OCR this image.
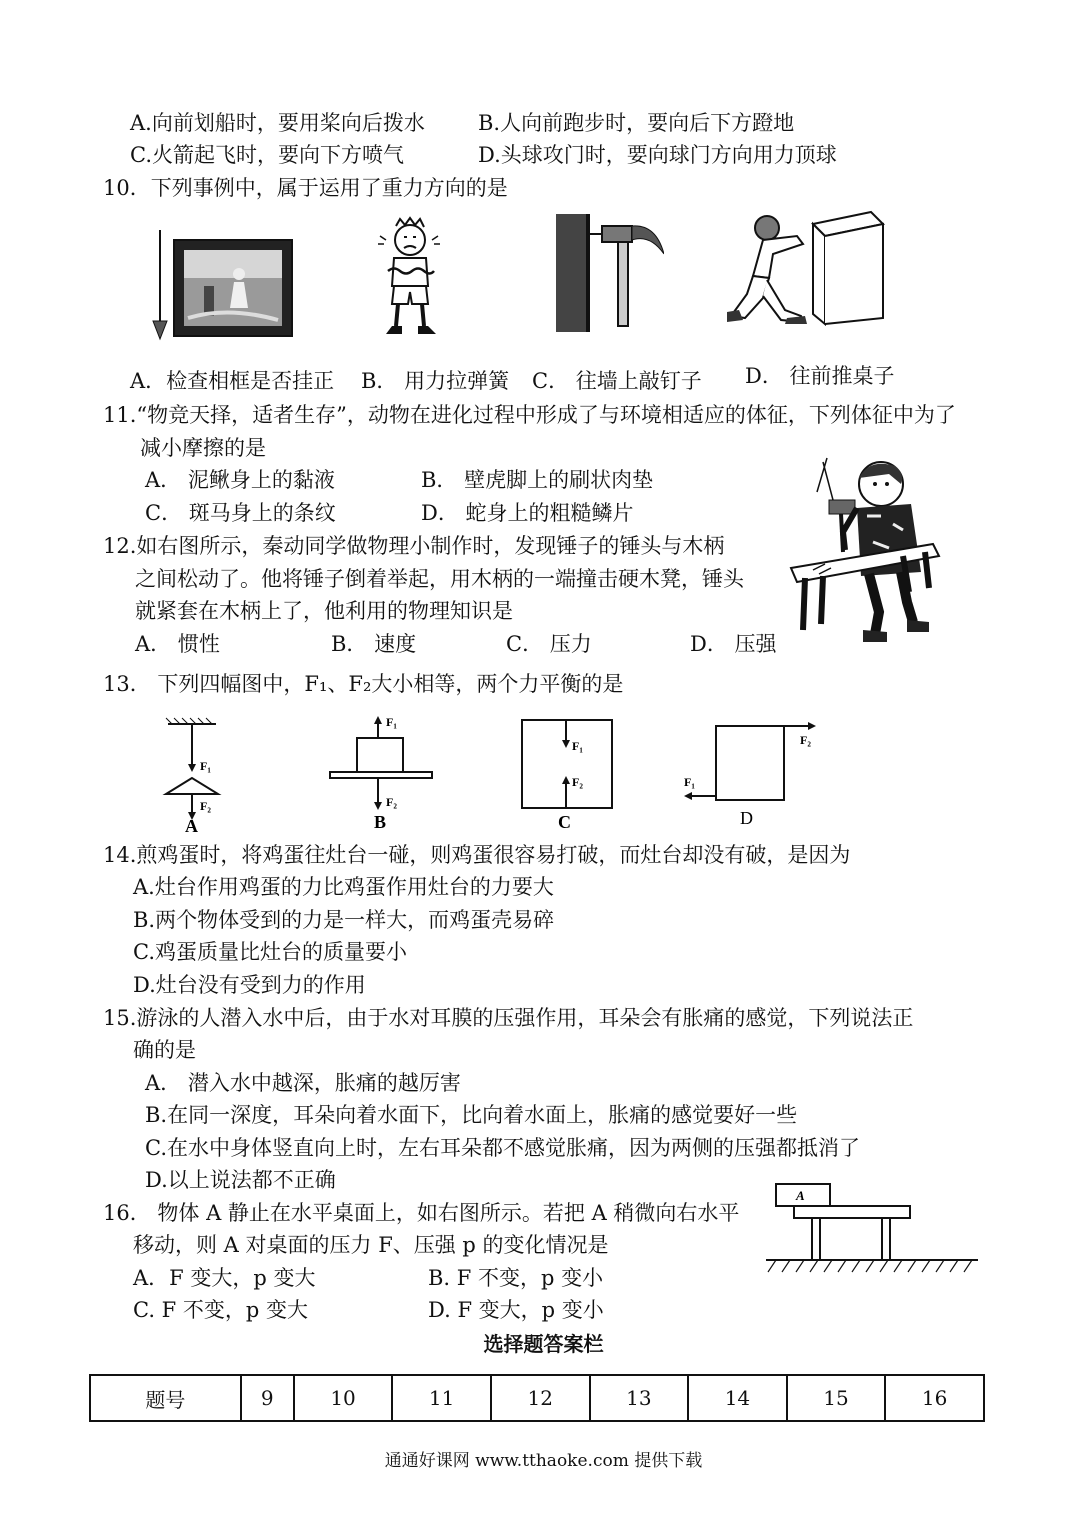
A.向前划船时，要用桨向后拨水	B.人向前跑步时，要向后下方蹬地
C.火箭起飞时，要向下方喷气	D.头球攻门时，要向球门方向用力顶球
10．下列事例中，属于运用了重力方向的是
A．检查相框是否挂正 B． 用力拉弹簧 C． 往墙上敲钉子 D． 往前推桌子
11.“物竞天择，适者生存”，动物在进化过程中形成了与环境相适应的体征，下列体征中为了
减小摩擦的是
A． 泥鳅身上的黏液	B． 壁虎脚上的刷状肉垫
C． 斑马身上的条纹	D． 蛇身上的粗糙鳞片
12.如右图所示，秦动同学做物理小制作时，发现锤子的锤头与木柄
之间松动了。他将锤子倒着举起，用木柄的一端撞击硬木凳，锤头
就紧套在木柄上了，他利用的物理知识是
A． 惯性	B． 速度	C． 压力	D． 压强
13． 下列四幅图中，F₁、F₂大小相等，两个力平衡的是
F₁
F₂
A
F₁
F₂
B
F₁
F₂
C
F₂
F₁
D
14.煎鸡蛋时，将鸡蛋往灶台一碰，则鸡蛋很容易打破，而灶台却没有破，是因为
A.灶台作用鸡蛋的力比鸡蛋作用灶台的力要大
B.两个物体受到的力是一样大，而鸡蛋壳易碎
C.鸡蛋质量比灶台的质量要小
D.灶台没有受到力的作用
15.游泳的人潜入水中后，由于水对耳膜的压强作用，耳朵会有胀痛的感觉，下列说法正
确的是
A． 潜入水中越深，胀痛的越厉害
B.在同一深度，耳朵向着水面下，比向着水面上，胀痛的感觉要好一些
C.在水中身体竖直向上时，左右耳朵都不感觉胀痛，因为两侧的压强都抵消了
D.以上说法都不正确
16． 物体 A 静止在水平桌面上，如右图所示。若把 A 稍微向右水平
移动，则 A 对桌面的压力 F、压强 p 的变化情况是
A．F 变大，p 变大	B. F 不变，p 变小
C. F 不变，p 变大	D. F 变大，p 变小
A
选择题答案栏
题号	9	10	11	12	13	14	15	16
通通好课网 www.tthaoke.com 提供下载
